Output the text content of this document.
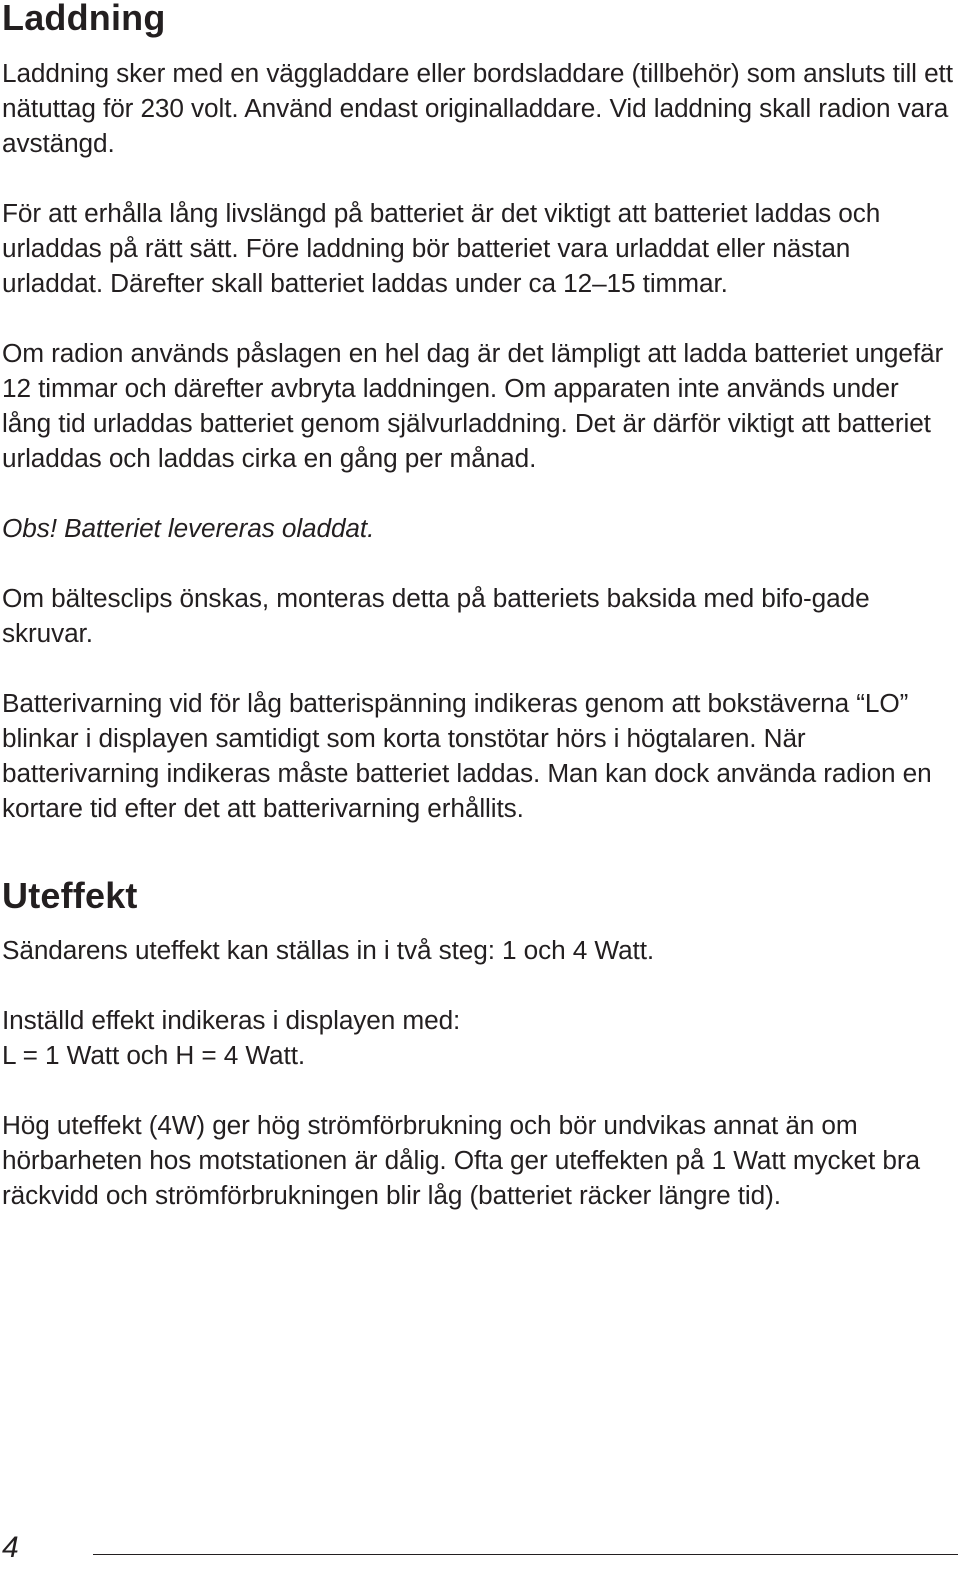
Laddning

Laddning sker med en väggladdare eller bordsladdare (tillbehör) som ansluts till ett nätuttag för 230 volt. Använd endast originalladdare. Vid laddning skall radion vara avstängd.

För att erhålla lång livslängd på batteriet är det viktigt att batteriet laddas och urladdas på rätt sätt. Före laddning bör batteriet vara urladdat eller nästan urladdat. Därefter skall batteriet laddas under ca 12–15 timmar.

Om radion används påslagen en hel dag är det lämpligt att ladda batteriet ungefär 12 timmar och därefter avbryta laddningen. Om apparaten inte används under lång tid urladdas batteriet genom självurladdning. Det är därför viktigt att batteriet urladdas och laddas cirka en gång per månad.

Obs! Batteriet levereras oladdat.

Om bältesclips önskas, monteras detta på batteriets baksida med bifo-gade skruvar.

Batterivarning vid för låg batterispänning indikeras genom att bokstäverna “LO” blinkar i displayen samtidigt som korta tonstötar hörs i högtalaren. När batterivarning indikeras måste batteriet laddas. Man kan dock använda radion en kortare tid efter det att batterivarning erhållits.

Uteffekt

Sändarens uteffekt kan ställas in i två steg: 1 och 4 Watt.

Inställd effekt indikeras i displayen med:
L = 1 Watt och H = 4 Watt.

Hög uteffekt (4W) ger hög strömförbrukning och bör undvikas annat än om hörbarheten hos motstationen är dålig. Ofta ger uteffekten på 1 Watt mycket bra räckvidd och strömförbrukningen blir låg (batteriet räcker längre tid).

4
